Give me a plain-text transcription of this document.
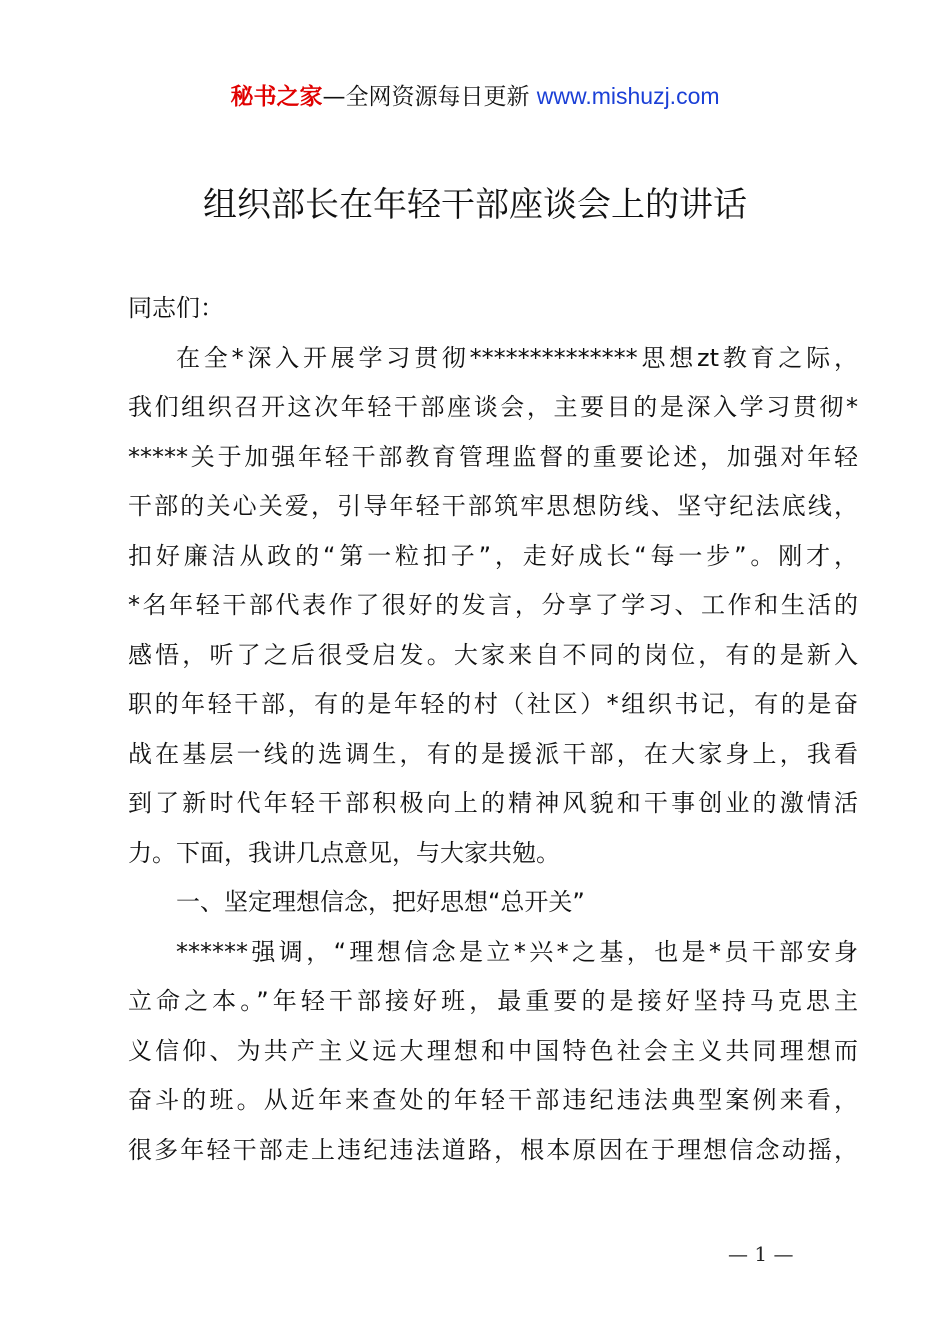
秘书之家—全网资源每日更新 www.mishuzj.com
组织部长在年轻干部座谈会上的讲话
同志们：
在全*深入开展学习贯彻**************思想zt教育之际，
我们组织召开这次年轻干部座谈会，主要目的是深入学习贯彻*
*****关于加强年轻干部教育管理监督的重要论述，加强对年轻
干部的关心关爱，引导年轻干部筑牢思想防线、坚守纪法底线，
扣好廉洁从政的“第一粒扣子”，走好成长“每一步”。刚才，
*名年轻干部代表作了很好的发言，分享了学习、工作和生活的
感悟，听了之后很受启发。大家来自不同的岗位，有的是新入
职的年轻干部，有的是年轻的村（社区）*组织书记，有的是奋
战在基层一线的选调生，有的是援派干部，在大家身上，我看
到了新时代年轻干部积极向上的精神风貌和干事创业的激情活
力。下面，我讲几点意见，与大家共勉。
一、坚定理想信念，把好思想“总开关”
******强调，“理想信念是立*兴*之基，也是*员干部安身
立命之本。”年轻干部接好班，最重要的是接好坚持马克思主
义信仰、为共产主义远大理想和中国特色社会主义共同理想而
奋斗的班。从近年来查处的年轻干部违纪违法典型案例来看，
很多年轻干部走上违纪违法道路，根本原因在于理想信念动摇，
— 1 —
